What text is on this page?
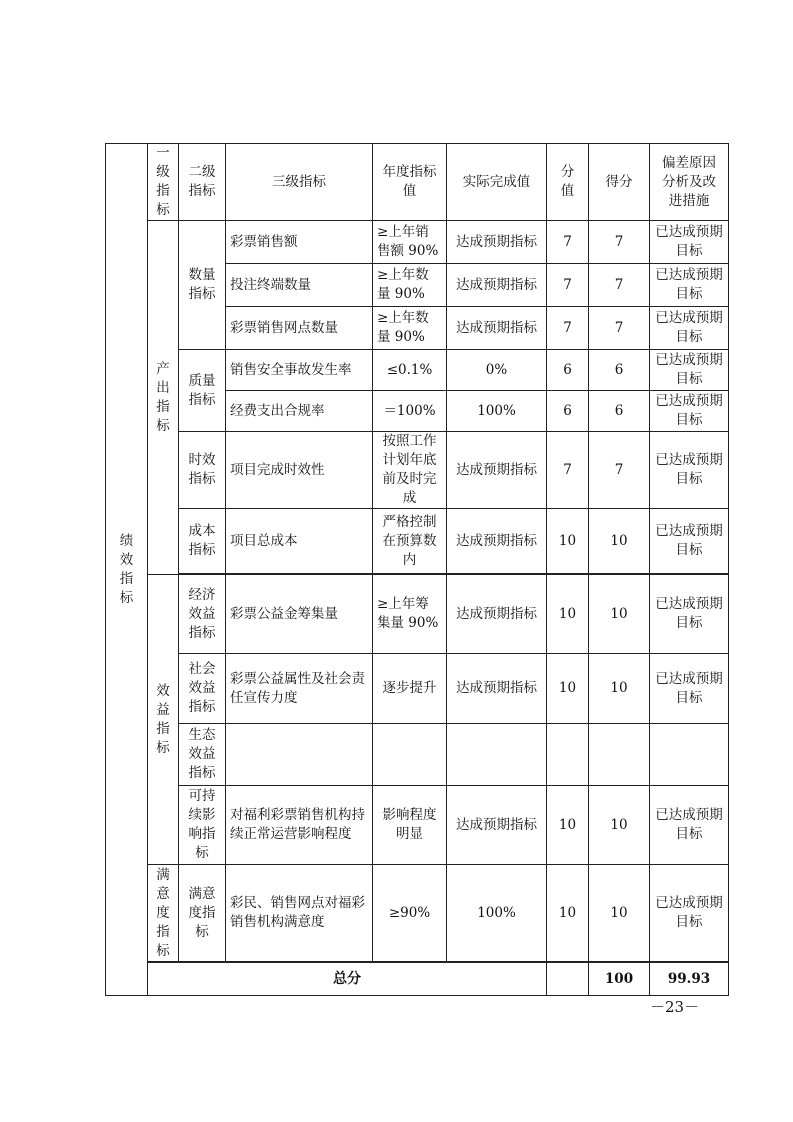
绩效指标	一级指标	二级指标	三级指标	年度指标值	实际完成值	分值	得分	偏差原因分析及改进措施	

	产出指标	数量指标	彩票销售额	≥上年销售额 90%	达成预期指标	7	7	已达成预期目标	
			投注终端数量	≥上年数量 90%	达成预期指标	7	7	已达成预期目标	
			彩票销售网点数量	≥上年数量 90%	达成预期指标	7	7	已达成预期目标	

		质量指标	销售安全事故发生率	≤0.1%	0%	6	6	已达成预期目标	
			经费支出合规率	＝100%	100%	6	6	已达成预期目标	

		时效指标	项目完成时效性	按照工作计划年底前及时完成	达成预期指标	7	7	已达成预期目标	

		成本指标	项目总成本	严格控制在预算数内	达成预期指标	10	10	已达成预期目标	

	效益指标	经济效益指标	彩票公益金筹集量	≥上年筹集量 90%	达成预期指标	10	10	已达成预期目标	

		社会效益指标	彩票公益属性及社会责任宣传力度	逐步提升	达成预期指标	10	10	已达成预期目标	

		生态效益指标							

		可持续影响指标	对福利彩票销售机构持续正常运营影响程度	影响程度明显	达成预期指标	10	10	已达成预期目标	

	满意度指标	满意度指标	彩民、销售网点对福彩销售机构满意度	≥90%	100%	10	10	已达成预期目标	

	总分						100	99.93	
－23－
